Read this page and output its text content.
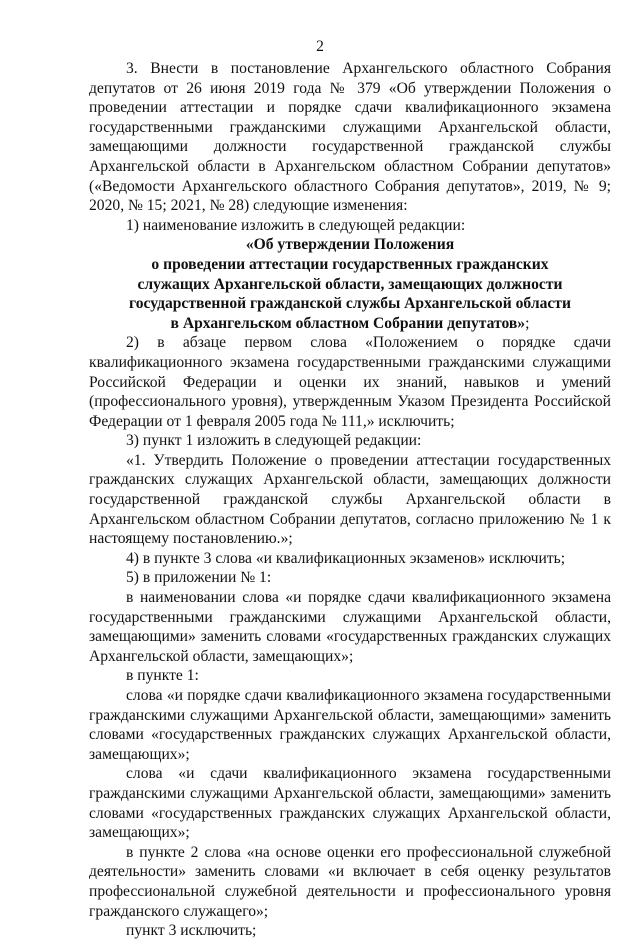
2

3. Внести в постановление Архангельского областного Собрания депутатов от 26 июня 2019 года № 379 «Об утверждении Положения о проведении аттестации и порядке сдачи квалификационного экзамена государственными гражданскими служащими Архангельской области, замещающими должности государственной гражданской службы Архангельской области в Архангельском областном Собрании депутатов» («Ведомости Архангельского областного Собрания депутатов», 2019, № 9; 2020, № 15; 2021, № 28) следующие изменения:

1) наименование изложить в следующей редакции:

«Об утверждении Положения

о проведении аттестации государственных гражданских

служащих Архангельской области, замещающих должности

государственной гражданской службы Архангельской области

в Архангельском областном Собрании депутатов»;

2) в абзаце первом слова «Положением о порядке сдачи квалификационного экзамена государственными гражданскими служащими Российской Федерации и оценки их знаний, навыков и умений (профессионального уровня), утвержденным Указом Президента Российской Федерации от 1 февраля 2005 года № 111,» исключить;

3) пункт 1 изложить в следующей редакции:

«1. Утвердить Положение о проведении аттестации государственных гражданских служащих Архангельской области, замещающих должности государственной гражданской службы Архангельской области в Архангельском областном Собрании депутатов, согласно приложению № 1 к настоящему постановлению.»;

4) в пункте 3 слова «и квалификационных экзаменов» исключить;

5) в приложении № 1:

в наименовании слова «и порядке сдачи квалификационного экзамена государственными гражданскими служащими Архангельской области, замещающими» заменить словами «государственных гражданских служащих Архангельской области, замещающих»;

в пункте 1:

слова «и порядке сдачи квалификационного экзамена государственными гражданскими служащими Архангельской области, замещающими» заменить словами «государственных гражданских служащих Архангельской области, замещающих»;

слова «и сдачи квалификационного экзамена государственными гражданскими служащими Архангельской области, замещающими» заменить словами «государственных гражданских служащих Архангельской области, замещающих»;

в пункте 2 слова «на основе оценки его профессиональной служебной деятельности» заменить словами «и включает в себя оценку результатов профессиональной служебной деятельности и профессионального уровня гражданского служащего»;

пункт 3 исключить;
